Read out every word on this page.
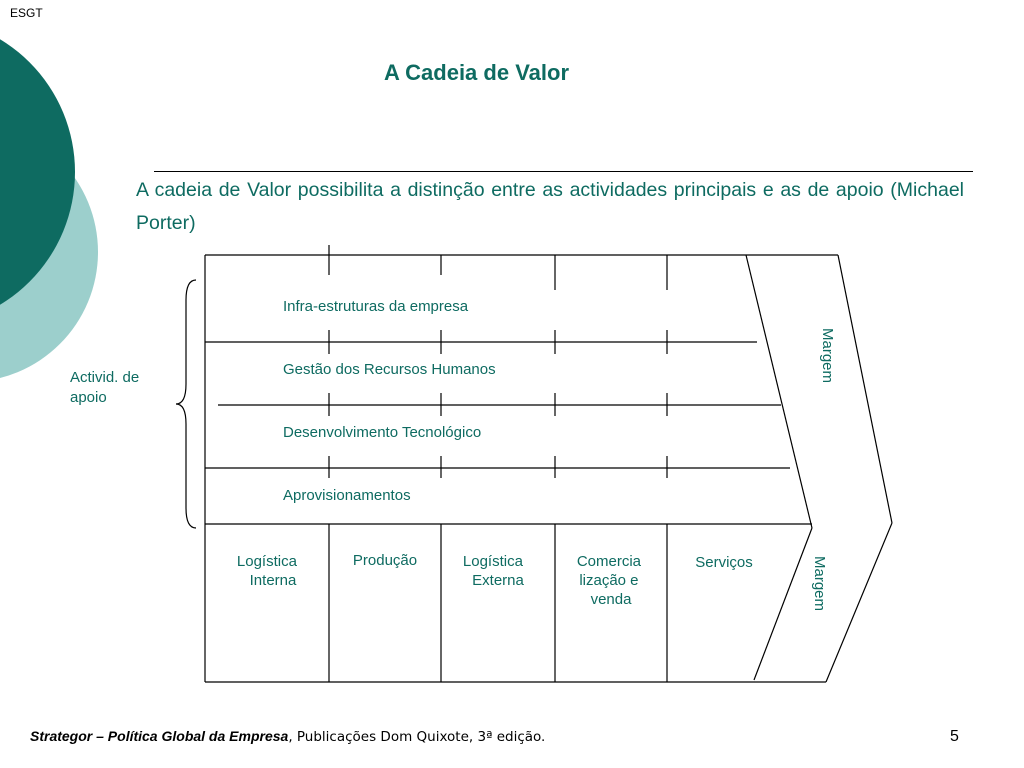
ESGT
A Cadeia de Valor
A cadeia de Valor possibilita a distinção entre as actividades principais e as de apoio (Michael Porter)
Activid. de apoio
Infra-estruturas da empresa
Gestão dos Recursos Humanos
Desenvolvimento Tecnológico
Aprovisionamentos
Logística Interna
Produção	Logística Externa
Comercia lização e venda
Serviços
Margem
Margem
Strategor – Política Global da Empresa, Publicações Dom Quixote, 3ª edição.	5
